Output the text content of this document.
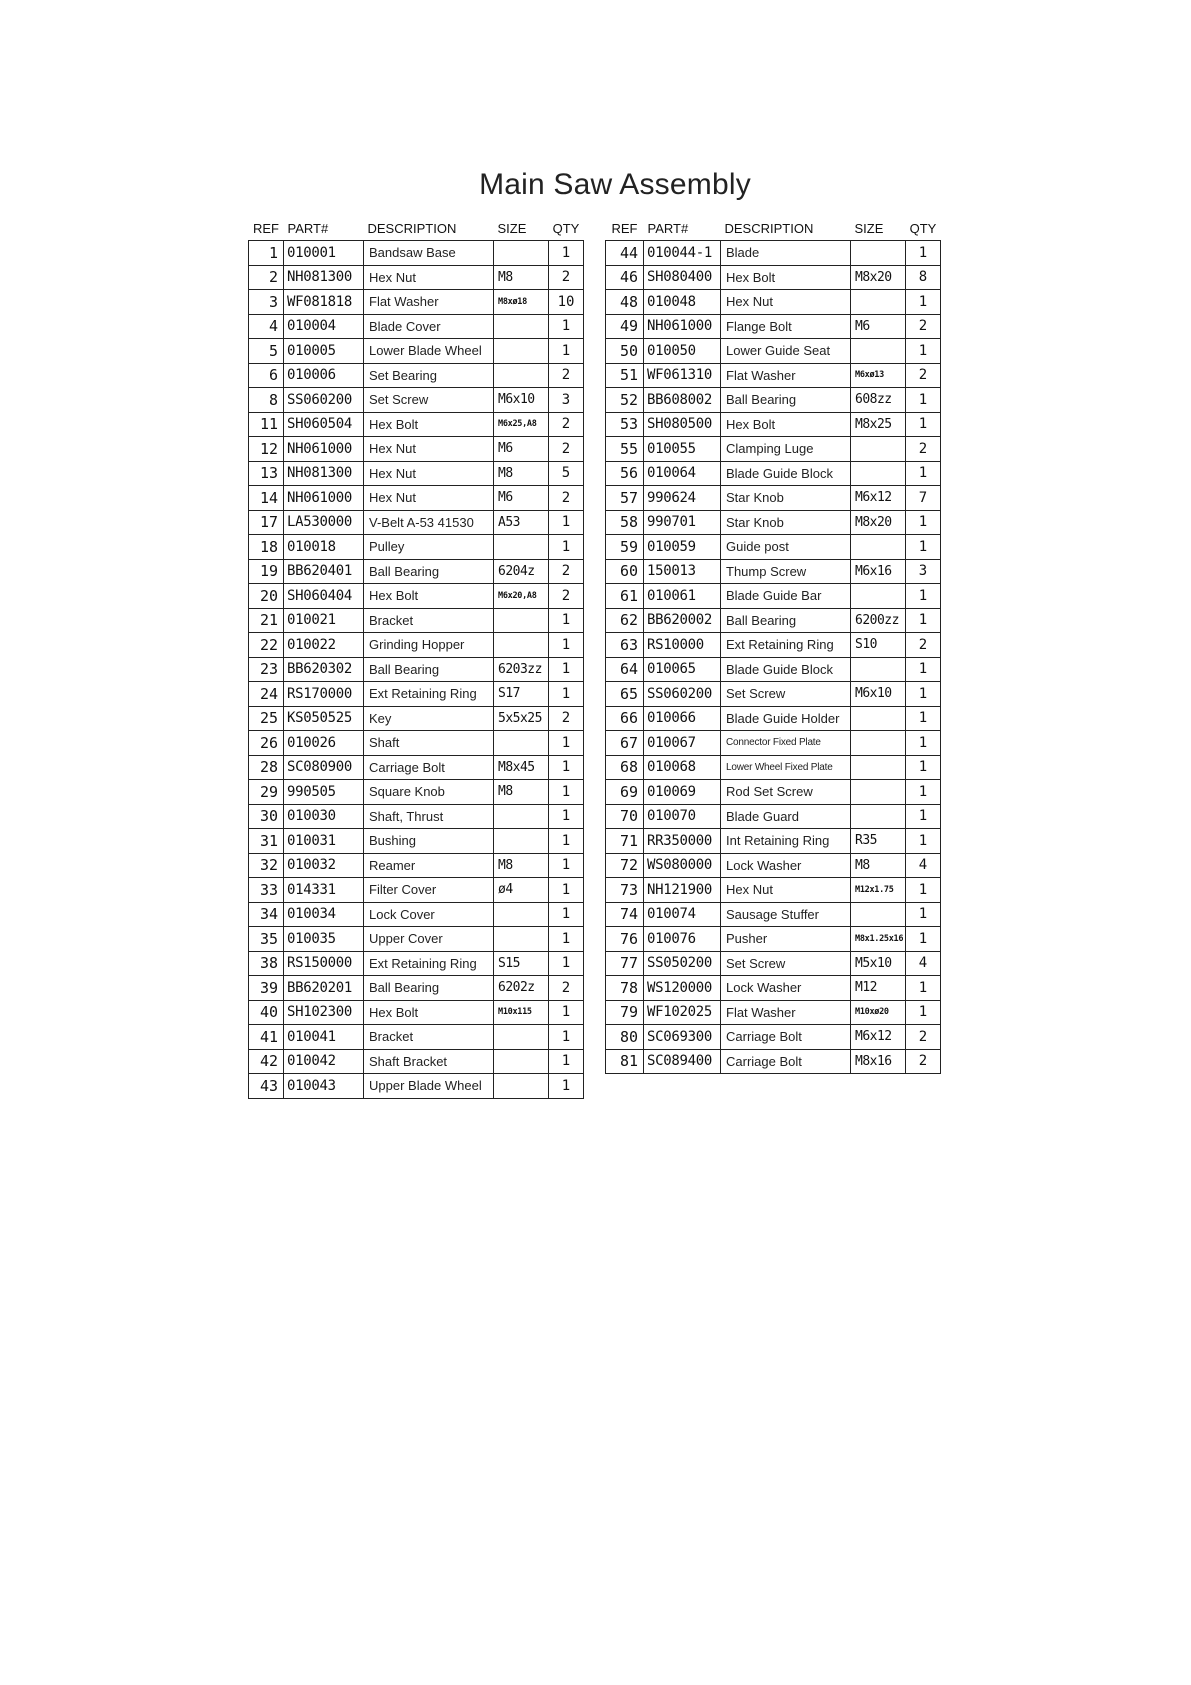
Main Saw Assembly
REF	PART#	DESCRIPTION	SIZE	QTY
1	010001	Bandsaw Base		1
2	NH081300	Hex Nut	M8	2
3	WF081818	Flat Washer	M8xø18	10
4	010004	Blade Cover		1
5	010005	Lower Blade Wheel		1
6	010006	Set Bearing		2
8	SS060200	Set Screw	M6x10	3
11	SH060504	Hex Bolt	M6x25,A8	2
12	NH061000	Hex Nut	M6	2
13	NH081300	Hex Nut	M8	5
14	NH061000	Hex Nut	M6	2
17	LA530000	V-Belt A-53 41530	A53	1
18	010018	Pulley		1
19	BB620401	Ball Bearing	6204z	2
20	SH060404	Hex Bolt	M6x20,A8	2
21	010021	Bracket		1
22	010022	Grinding Hopper		1
23	BB620302	Ball Bearing	6203zz	1
24	RS170000	Ext Retaining Ring	S17	1
25	KS050525	Key	5x5x25	2
26	010026	Shaft		1
28	SC080900	Carriage Bolt	M8x45	1
29	990505	Square Knob	M8	1
30	010030	Shaft, Thrust		1
31	010031	Bushing		1
32	010032	Reamer	M8	1
33	014331	Filter Cover	ø4	1
34	010034	Lock Cover		1
35	010035	Upper Cover		1
38	RS150000	Ext Retaining Ring	S15	1
39	BB620201	Ball Bearing	6202z	2
40	SH102300	Hex Bolt	M10x115	1
41	010041	Bracket		1
42	010042	Shaft Bracket		1
43	010043	Upper Blade Wheel		1
REF	PART#	DESCRIPTION	SIZE	QTY
44	010044-1	Blade		1
46	SH080400	Hex Bolt	M8x20	8
48	010048	Hex Nut		1
49	NH061000	Flange Bolt	M6	2
50	010050	Lower Guide Seat		1
51	WF061310	Flat Washer	M6xø13	2
52	BB608002	Ball Bearing	608zz	1
53	SH080500	Hex Bolt	M8x25	1
55	010055	Clamping Luge		2
56	010064	Blade Guide Block		1
57	990624	Star Knob	M6x12	7
58	990701	Star Knob	M8x20	1
59	010059	Guide post		1
60	150013	Thump Screw	M6x16	3
61	010061	Blade Guide Bar		1
62	BB620002	Ball Bearing	6200zz	1
63	RS10000	Ext Retaining Ring	S10	2
64	010065	Blade Guide Block		1
65	SS060200	Set Screw	M6x10	1
66	010066	Blade Guide Holder		1
67	010067	Connector Fixed Plate		1
68	010068	Lower Wheel Fixed Plate		1
69	010069	Rod Set Screw		1
70	010070	Blade Guard		1
71	RR350000	Int Retaining Ring	R35	1
72	WS080000	Lock Washer	M8	4
73	NH121900	Hex Nut	M12x1.75	1
74	010074	Sausage Stuffer		1
76	010076	Pusher	M8x1.25x16	1
77	SS050200	Set Screw	M5x10	4
78	WS120000	Lock Washer	M12	1
79	WF102025	Flat Washer	M10xø20	1
80	SC069300	Carriage Bolt	M6x12	2
81	SC089400	Carriage Bolt	M8x16	2
